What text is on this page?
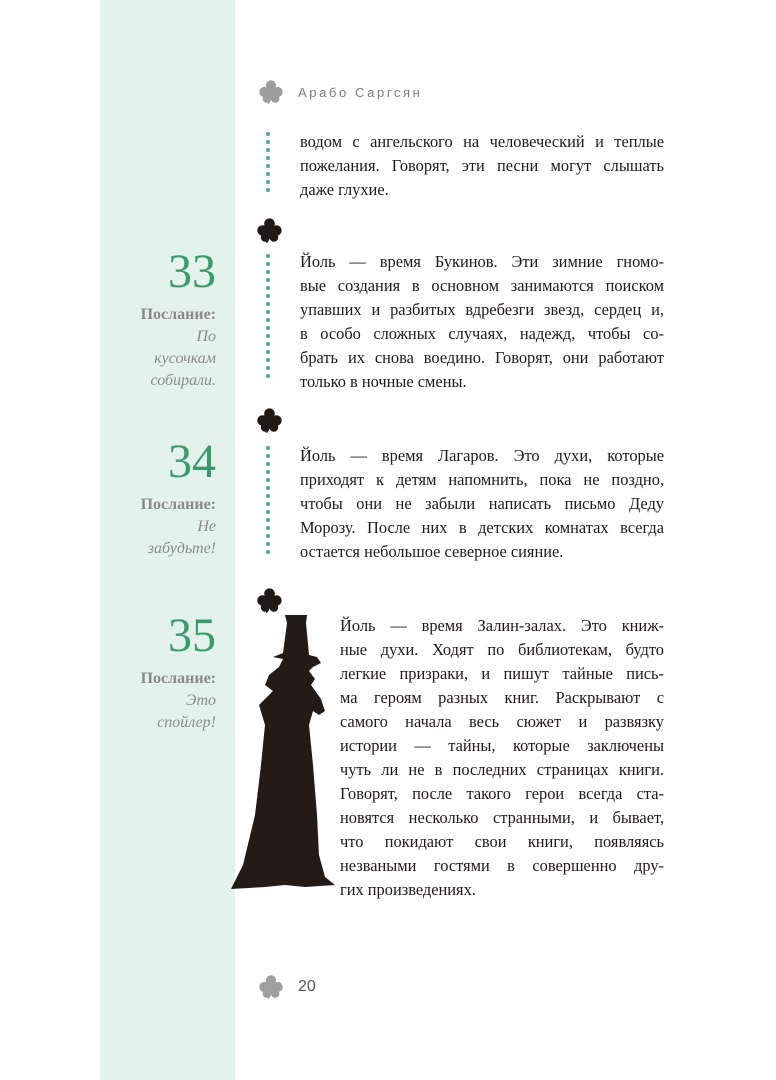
Арабо Саргсян
водом с ангельского на человеческий и теплые
пожелания. Говорят, эти песни могут слышать
даже глухие.
33
Послание:
По
кусочкам
собирали.
Йоль — время Букинов. Эти зимние гномо-
вые создания в основном занимаются поиском
упавших и разбитых вдребезги звезд, сердец и,
в особо сложных случаях, надежд, чтобы со-
брать их снова воедино. Говорят, они работают
только в ночные смены.
34
Послание:
Не
забудьте!
Йоль — время Лагаров. Это духи, которые
приходят к детям напомнить, пока не поздно,
чтобы они не забыли написать письмо Деду
Морозу. После них в детских комнатах всегда
остается небольшое северное сияние.
35
Послание:
Это
спойлер!
Йоль — время Залин-залах. Это книж-
ные духи. Ходят по библиотекам, будто
легкие призраки, и пишут тайные пись-
ма героям разных книг. Раскрывают с
самого начала весь сюжет и развязку
истории — тайны, которые заключены
чуть ли не в последних страницах книги.
Говорят, после такого герои всегда ста-
новятся несколько странными, и бывает,
что покидают свои книги, появляясь
незваными гостями в совершенно дру-
гих произведениях.
20
